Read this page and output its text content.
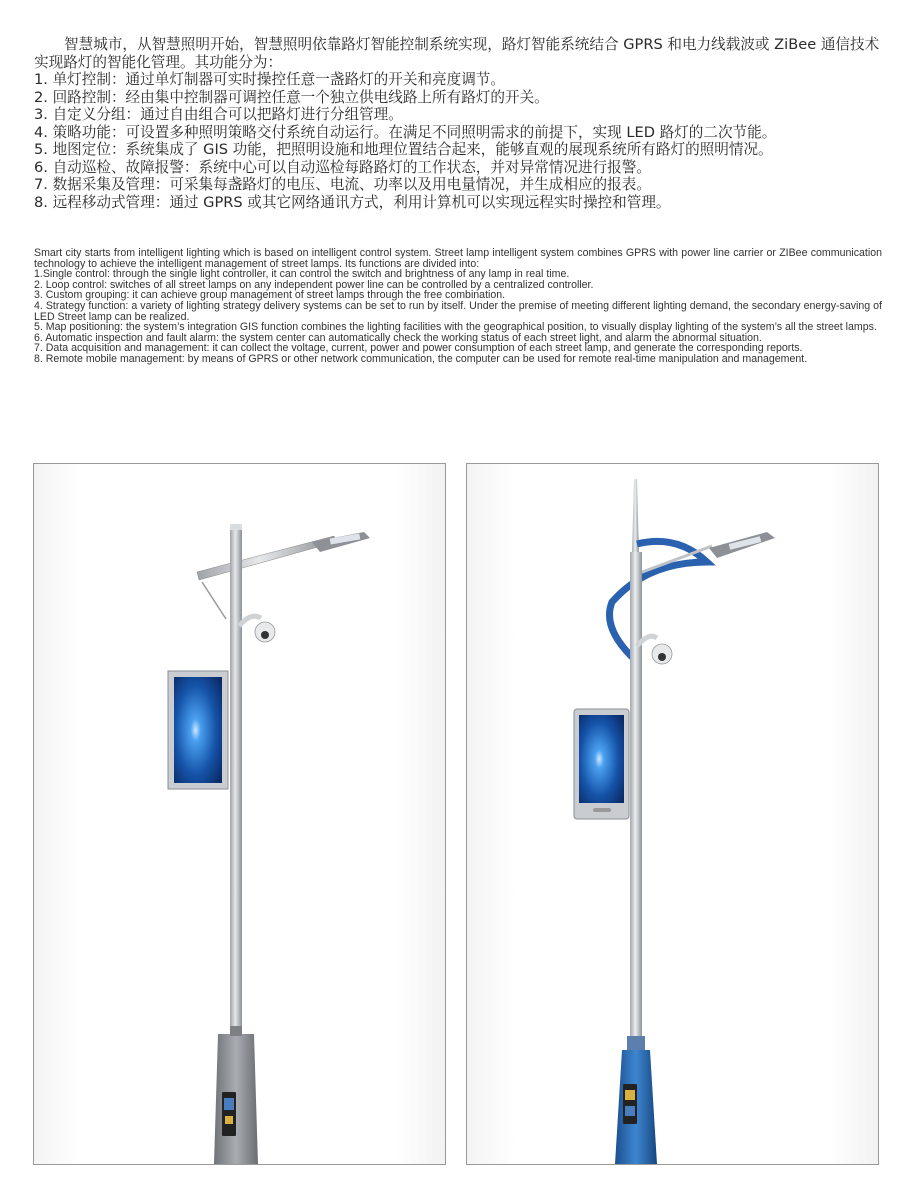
智慧城市，从智慧照明开始，智慧照明依靠路灯智能控制系统实现，路灯智能系统结合 GPRS 和电力线载波或 ZiBee 通信技术实现路灯的智能化管理。其功能分为：

1. 单灯控制：通过单灯制器可实时操控任意一盏路灯的开关和亮度调节。

2. 回路控制：经由集中控制器可调控任意一个独立供电线路上所有路灯的开关。

3. 自定义分组：通过自由组合可以把路灯进行分组管理。

4. 策略功能：可设置多种照明策略交付系统自动运行。在满足不同照明需求的前提下，实现 LED 路灯的二次节能。

5. 地图定位：系统集成了 GIS 功能，把照明设施和地理位置结合起来，能够直观的展现系统所有路灯的照明情况。

6. 自动巡检、故障报警：系统中心可以自动巡检每路路灯的工作状态，并对异常情况进行报警。

7. 数据采集及管理：可采集每盏路灯的电压、电流、功率以及用电量情况，并生成相应的报表。

8. 远程移动式管理：通过 GPRS 或其它网络通讯方式，利用计算机可以实现远程实时操控和管理。

Smart city starts from intelligent lighting which is based on intelligent control system. Street lamp intelligent system combines GPRS with power line carrier or ZIBee communication technology to achieve the intelligent management of street lamps. Its functions are divided into:

1.Single control: through the single light controller, it can control the switch and brightness of any lamp in real time.

2. Loop control: switches of all street lamps on any independent power line can be controlled by a centralized controller.

3. Custom grouping: it can achieve group management of street lamps through the free combination.

4. Strategy function: a variety of lighting strategy delivery systems can be set to run by itself. Under the premise of meeting different lighting demand, the secondary energy-saving of LED Street lamp can be realized.

5. Map positioning: the system’s integration GIS function combines the lighting facilities with the geographical position, to visually display lighting of the system’s all the street lamps.

6. Automatic inspection and fault alarm: the system center can automatically check the working status of each street light, and alarm the abnormal situation.

7. Data acquisition and management: it can collect the voltage, current, power and power consumption of each street lamp, and generate the corresponding reports.

8. Remote mobile management: by means of GPRS or other network communication, the computer can be used for remote real-time manipulation and management.
